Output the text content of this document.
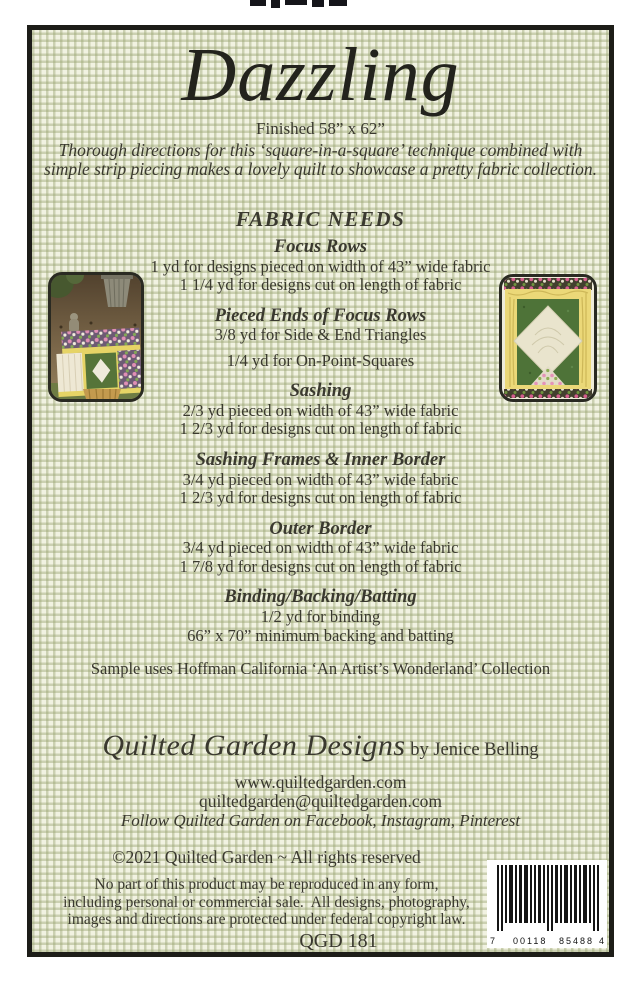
Dazzling
Finished 58” x 62”
Thorough directions for this ‘square-in-a-square’ technique combined with
simple strip piecing makes a lovely quilt to showcase a pretty fabric collection.
FABRIC NEEDS
Focus Rows
1 yd for designs pieced on width of 43” wide fabric
1 1/4 yd for designs cut on length of fabric
Pieced Ends of Focus Rows
3/8 yd for Side & End Triangles
1/4 yd for On-Point-Squares
Sashing
2/3 yd pieced on width of 43” wide fabric
1 2/3 yd for designs cut on length of fabric
Sashing Frames & Inner Border
3/4 yd pieced on width of 43” wide fabric
1 2/3 yd for designs cut on length of fabric
Outer Border
3/4 yd pieced on width of 43” wide fabric
1 7/8 yd for designs cut on length of fabric
Binding/Backing/Batting
1/2 yd for binding
66” x 70” minimum backing and batting
Sample uses Hoffman California ‘An Artist’s Wonderland’ Collection
Quilted Garden Designs by Jenice Belling
www.quiltedgarden.com
quiltedgarden@quiltedgarden.com
Follow Quilted Garden on Facebook, Instagram, Pinterest
©2021 Quilted Garden ~ All rights reserved
No part of this product may be reproduced in any form,
including personal or commercial sale.  All designs, photography,
images and directions are protected under federal copyright law.
QGD 181	7 00118 85488 4
